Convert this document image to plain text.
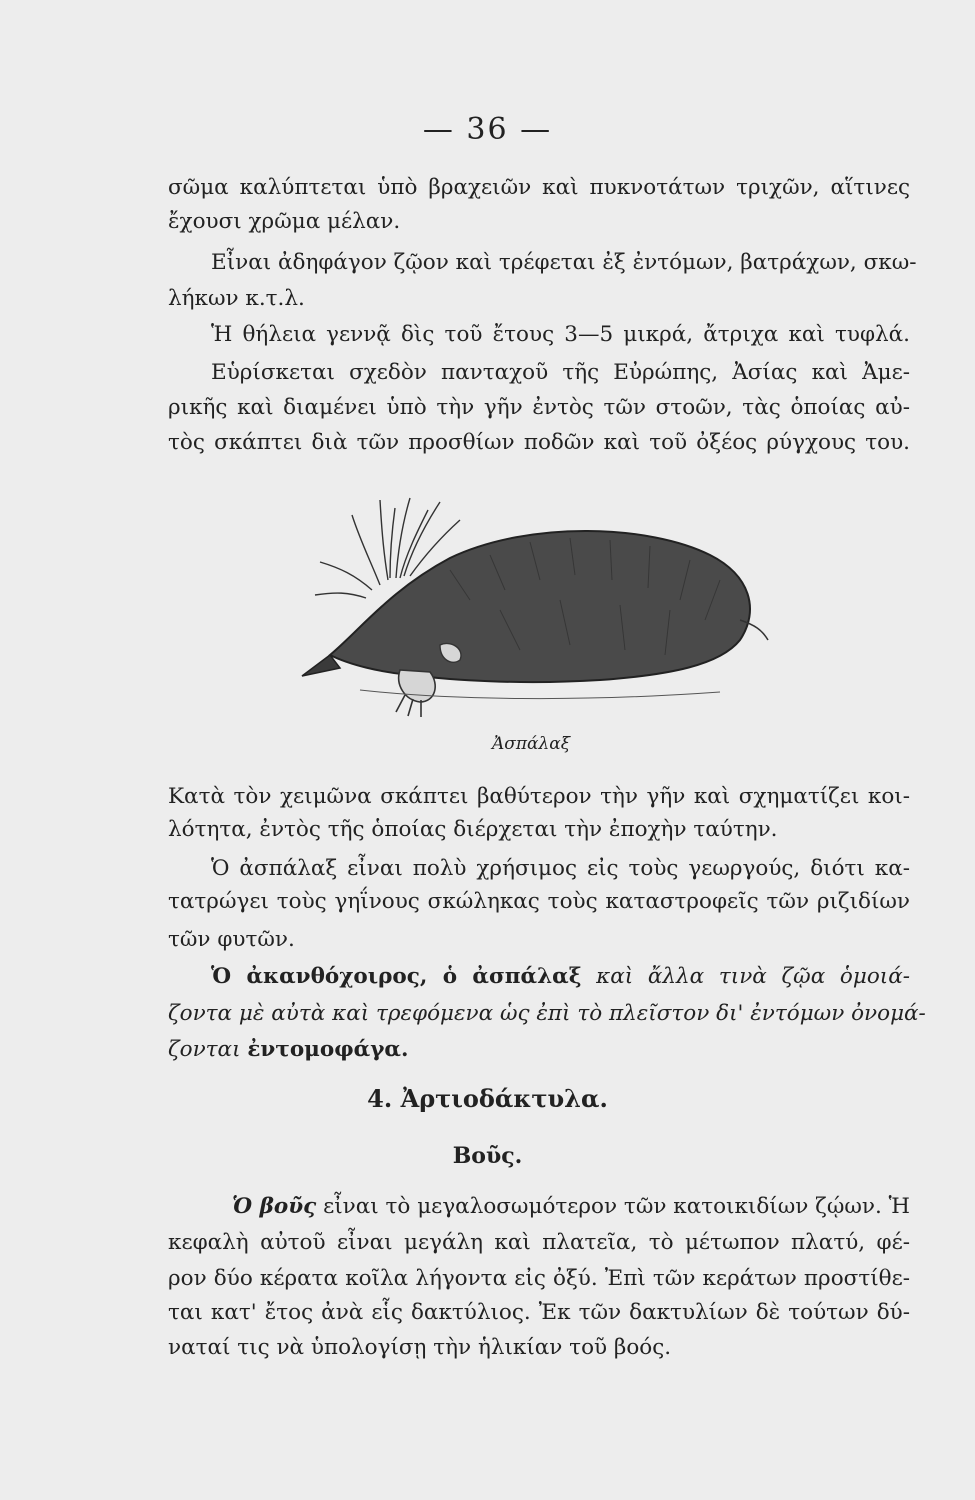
— 36 —
σῶμα καλύπτεται ὑπὸ βραχειῶν καὶ πυκνοτάτων τριχῶν, αἵτινες
ἔχουσι χρῶμα μέλαν.
Εἶναι ἀδηφάγον ζῷον καὶ τρέφεται ἐξ ἐντόμων, βατράχων, σκω-
λήκων κ.τ.λ.
Ἡ θήλεια γεννᾷ δὶς τοῦ ἔτους 3—5 μικρά, ἄτριχα καὶ τυφλά.
Εὑρίσκεται σχεδὸν πανταχοῦ τῆς Εὐρώπης, Ἀσίας καὶ Ἀμε-
ρικῆς καὶ διαμένει ὑπὸ τὴν γῆν ἐντὸς τῶν στοῶν, τὰς ὁποίας αὐ-
τὸς σκάπτει διὰ τῶν προσθίων ποδῶν καὶ τοῦ ὀξέος ρύγχους του.
Ἀσπάλαξ
Κατὰ τὸν χειμῶνα σκάπτει βαθύτερον τὴν γῆν καὶ σχηματίζει κοι-
λότητα, ἐντὸς τῆς ὁποίας διέρχεται τὴν ἐποχὴν ταύτην.
Ὁ ἀσπάλαξ εἶναι πολὺ χρήσιμος εἰς τοὺς γεωργούς, διότι κα-
τατρώγει τοὺς γηΐνους σκώληκας τοὺς καταστροφεῖς τῶν ριζιδίων
τῶν φυτῶν.
Ὁ ἀκανθόχοιρος, ὁ ἀσπάλαξ καὶ ἄλλα τινὰ ζῷα ὁμοιά-
ζοντα μὲ αὐτὰ καὶ τρεφόμενα ὡς ἐπὶ τὸ πλεῖστον δι' ἐντόμων ὀνομά-
ζονται ἐντομοφάγα.
4. Ἀρτιοδάκτυλα.
Βοῦς.
Ὁ βοῦς εἶναι τὸ μεγαλοσωμότερον τῶν κατοικιδίων ζῴων. Ἡ
κεφαλὴ αὐτοῦ εἶναι μεγάλη καὶ πλατεῖα, τὸ μέτωπον πλατύ, φέ-
ρον δύο κέρατα κοῖλα λήγοντα εἰς ὀξύ. Ἐπὶ τῶν κεράτων προστίθε-
ται κατ' ἔτος ἀνὰ εἷς δακτύλιος. Ἐκ τῶν δακτυλίων δὲ τούτων δύ-
ναταί τις νὰ ὑπολογίσῃ τὴν ἡλικίαν τοῦ βοός.
